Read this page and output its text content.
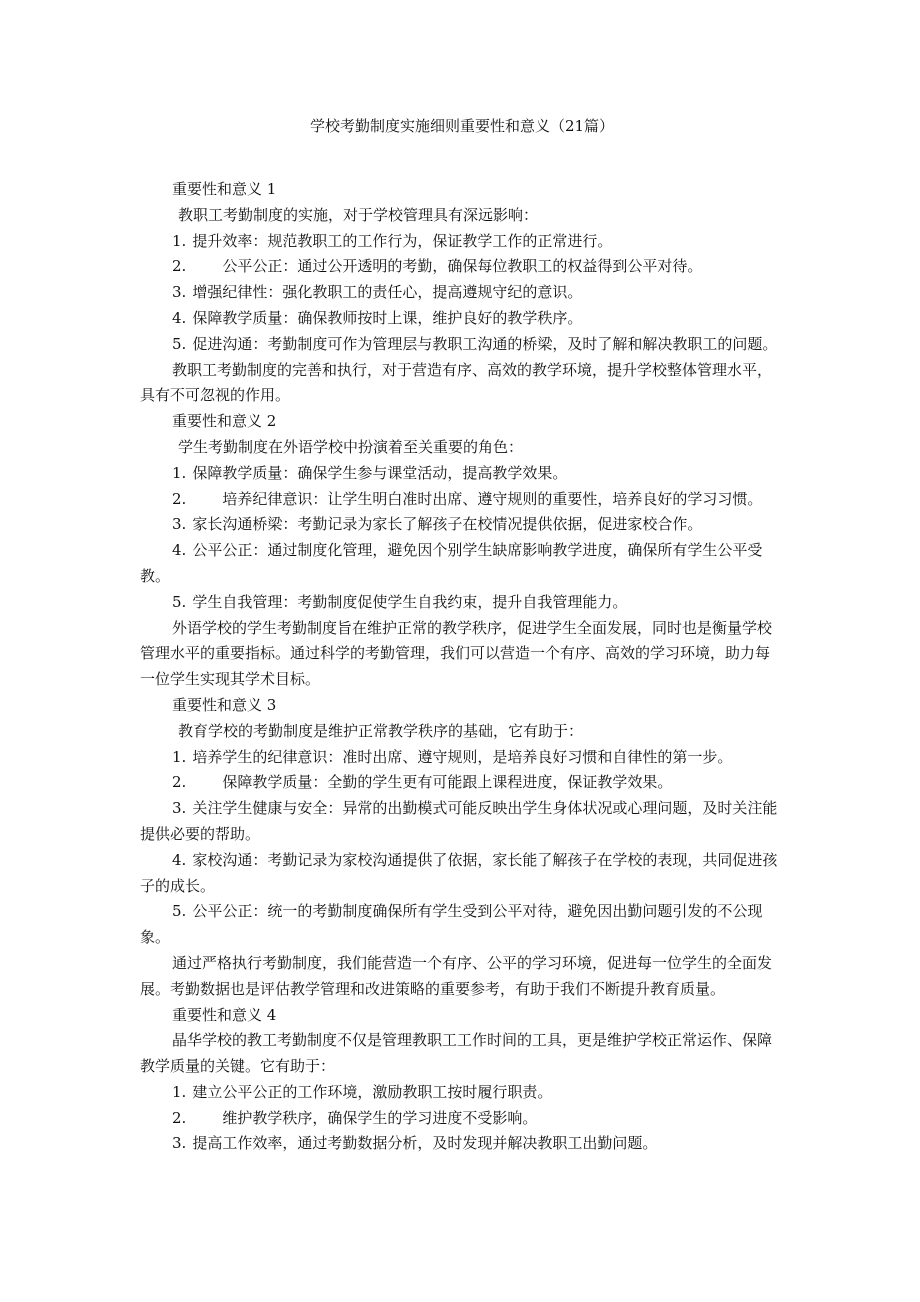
学校考勤制度实施细则重要性和意义（21篇）
重要性和意义 1

教职工考勤制度的实施，对于学校管理具有深远影响：

1. 提升效率：规范教职工的工作行为，保证教学工作的正常进行。

2. 公平公正：通过公开透明的考勤，确保每位教职工的权益得到公平对待。

3. 增强纪律性：强化教职工的责任心，提高遵规守纪的意识。

4. 保障教学质量：确保教师按时上课，维护良好的教学秩序。

5. 促进沟通：考勤制度可作为管理层与教职工沟通的桥梁，及时了解和解决教职工的问题。

教职工考勤制度的完善和执行，对于营造有序、高效的教学环境，提升学校整体管理水平，具有不可忽视的作用。

重要性和意义 2

学生考勤制度在外语学校中扮演着至关重要的角色：

1. 保障教学质量：确保学生参与课堂活动，提高教学效果。

2. 培养纪律意识：让学生明白准时出席、遵守规则的重要性，培养良好的学习习惯。

3. 家长沟通桥梁：考勤记录为家长了解孩子在校情况提供依据，促进家校合作。

4. 公平公正：通过制度化管理，避免因个别学生缺席影响教学进度，确保所有学生公平受教。

5. 学生自我管理：考勤制度促使学生自我约束，提升自我管理能力。

外语学校的学生考勤制度旨在维护正常的教学秩序，促进学生全面发展，同时也是衡量学校管理水平的重要指标。通过科学的考勤管理，我们可以营造一个有序、高效的学习环境，助力每一位学生实现其学术目标。

重要性和意义 3

教育学校的考勤制度是维护正常教学秩序的基础，它有助于：

1. 培养学生的纪律意识：准时出席、遵守规则，是培养良好习惯和自律性的第一步。

2. 保障教学质量：全勤的学生更有可能跟上课程进度，保证教学效果。

3. 关注学生健康与安全：异常的出勤模式可能反映出学生身体状况或心理问题，及时关注能提供必要的帮助。

4. 家校沟通：考勤记录为家校沟通提供了依据，家长能了解孩子在学校的表现，共同促进孩子的成长。

5. 公平公正：统一的考勤制度确保所有学生受到公平对待，避免因出勤问题引发的不公现象。

通过严格执行考勤制度，我们能营造一个有序、公平的学习环境，促进每一位学生的全面发展。考勤数据也是评估教学管理和改进策略的重要参考，有助于我们不断提升教育质量。

重要性和意义 4

晶华学校的教工考勤制度不仅是管理教职工工作时间的工具，更是维护学校正常运作、保障教学质量的关键。它有助于：

1. 建立公平公正的工作环境，激励教职工按时履行职责。

2. 维护教学秩序，确保学生的学习进度不受影响。

3. 提高工作效率，通过考勤数据分析，及时发现并解决教职工出勤问题。
